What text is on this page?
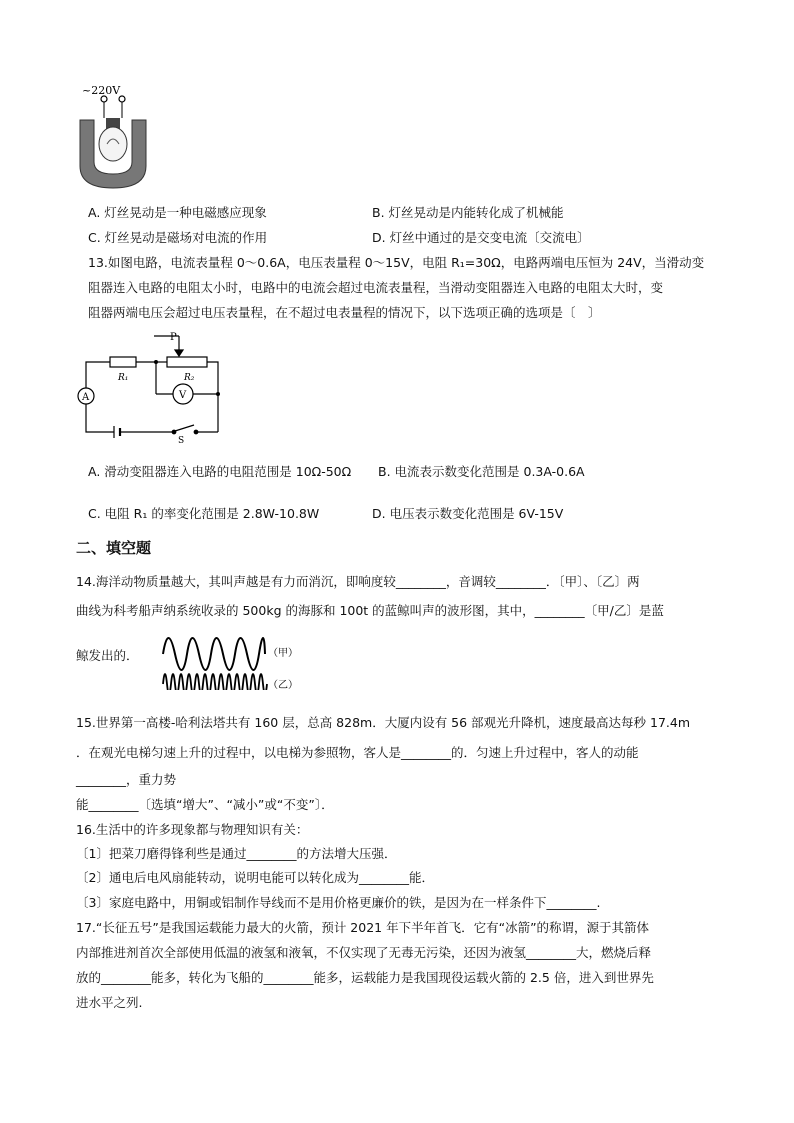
~220V
A. 灯丝晃动是一种电磁感应现象	B. 灯丝晃动是内能转化成了机械能
C. 灯丝晃动是磁场对电流的作用	D. 灯丝中通过的是交变电流〔交流电〕
13.如图电路，电流表量程 0～0.6A，电压表量程 0～15V，电阻 R₁=30Ω，电路两端电压恒为 24V，当滑动变
阻器连入电路的电阻太小时，电路中的电流会超过电流表量程，当滑动变阻器连入电路的电阻太大时，变
阻器两端电压会超过电压表量程，在不超过电表量程的情况下，以下选项正确的选项是〔　〕
P
R₁	R₂
A	V
S
A. 滑动变阻器连入电路的电阻范围是 10Ω-50Ω B. 电流表示数变化范围是 0.3A-0.6A
C. 电阻 R₁ 的率变化范围是 2.8W-10.8W	D. 电压表示数变化范围是 6V-15V
二、填空题
14.海洋动物质量越大，其叫声越是有力而消沉，即响度较________，音调较________．〔甲〕、〔乙〕两
曲线为科考船声纳系统收录的 500kg 的海豚和 100t 的蓝鲸叫声的波形图，其中，________〔甲/乙〕是蓝
鲸发出的．	（甲）
（乙）
15.世界第一高楼-哈利法塔共有 160 层，总高 828m．大厦内设有 56 部观光升降机，速度最高达每秒 17.4m
．在观光电梯匀速上升的过程中，以电梯为参照物，客人是________的．匀速上升过程中，客人的动能
________，重力势
能________〔选填“增大”、“减小”或“不变”〕．
16.生活中的许多现象都与物理知识有关：
〔1〕把菜刀磨得锋利些是通过________的方法增大压强．
〔2〕通电后电风扇能转动，说明电能可以转化成为________能．
〔3〕家庭电路中，用铜或铝制作导线而不是用价格更廉价的铁，是因为在一样条件下________.
17.“长征五号”是我国运载能力最大的火箭，预计 2021 年下半年首飞．它有“冰箭”的称谓，源于其箭体
内部推进剂首次全部使用低温的液氢和液氧，不仅实现了无毒无污染，还因为液氢________大，燃烧后释
放的________能多，转化为飞船的________能多，运载能力是我国现役运载火箭的 2.5 倍，进入到世界先
进水平之列.
